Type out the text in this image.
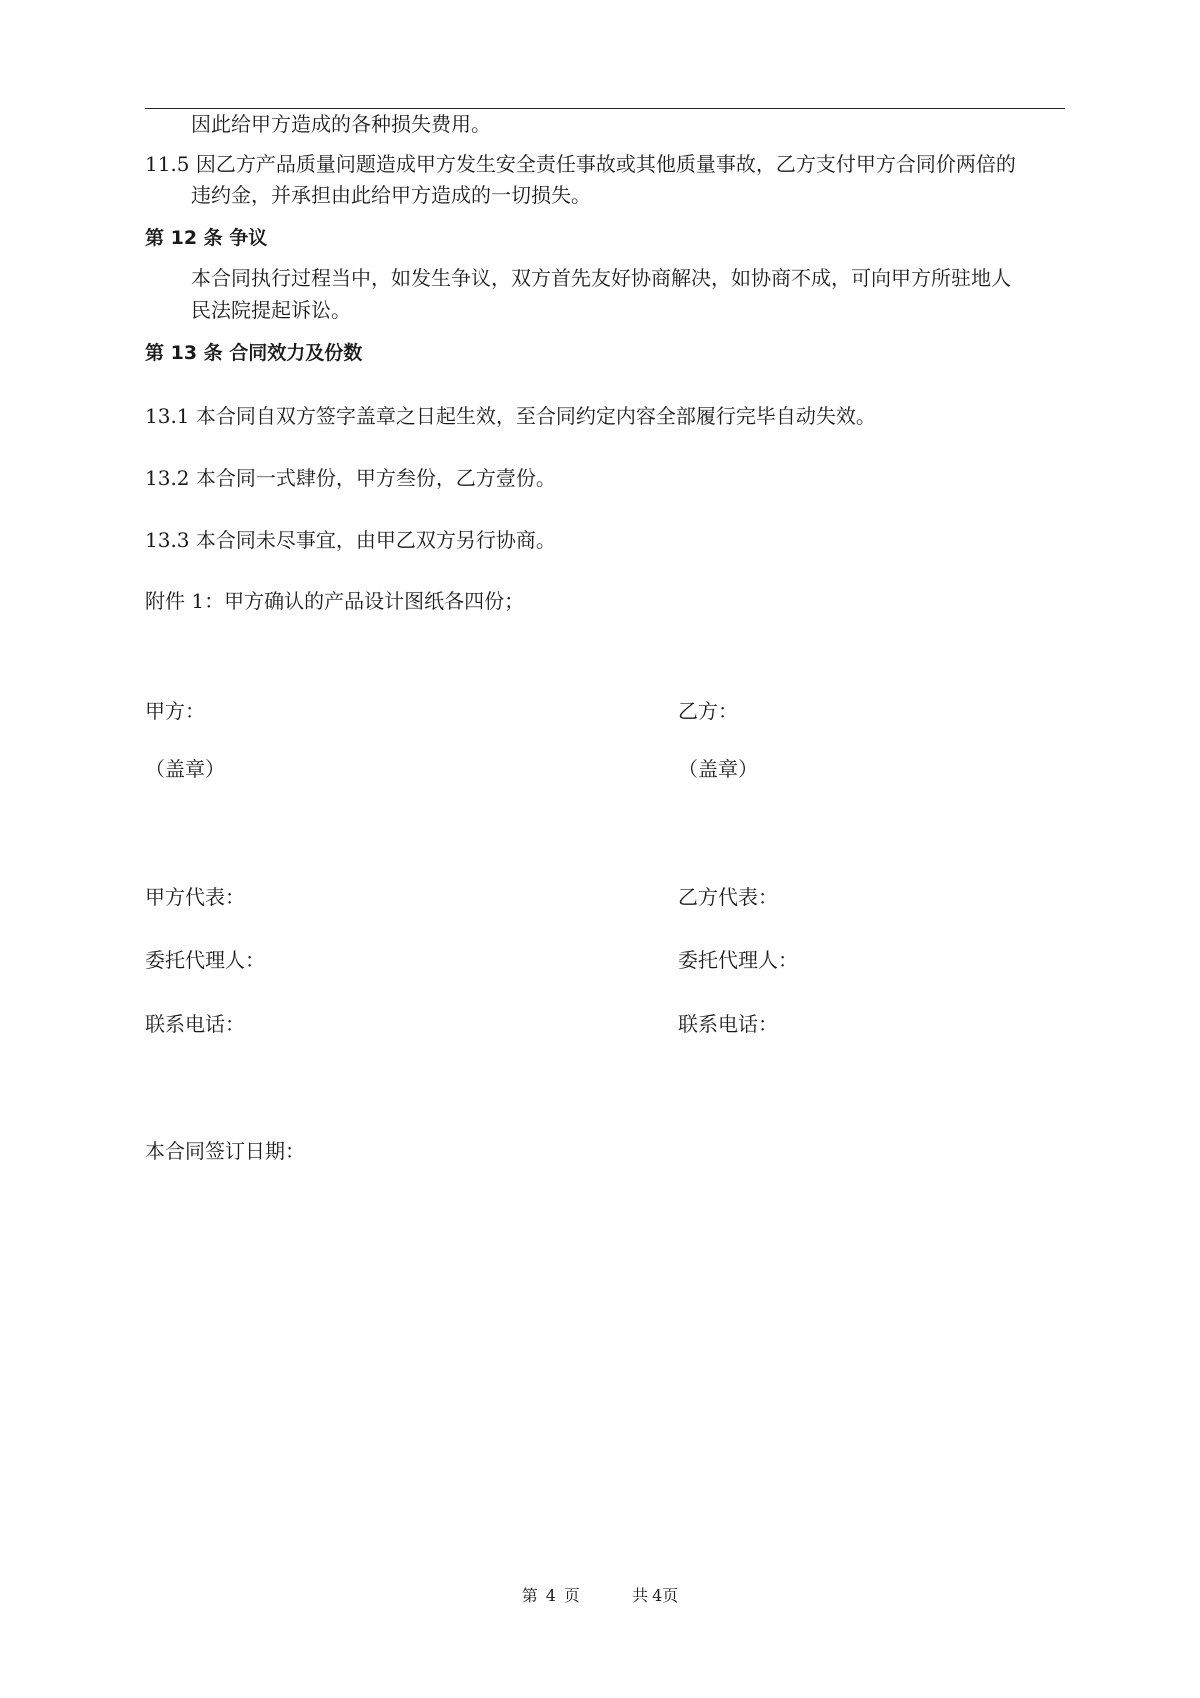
因此给甲方造成的各种损失费用。
11.5 因乙方产品质量问题造成甲方发生安全责任事故或其他质量事故，乙方支付甲方合同价两倍的
违约金，并承担由此给甲方造成的一切损失。
第 12 条 争议
本合同执行过程当中，如发生争议，双方首先友好协商解决，如协商不成，可向甲方所驻地人
民法院提起诉讼。
第 13 条 合同效力及份数
13.1 本合同自双方签字盖章之日起生效，至合同约定内容全部履行完毕自动失效。
13.2 本合同一式肆份，甲方叁份，乙方壹份。
13.3 本合同未尽事宜，由甲乙双方另行协商。
附件 1：甲方确认的产品设计图纸各四份；
甲方：
（盖章）
甲方代表：
委托代理人：
联系电话：
乙方：
（盖章）
乙方代表：
委托代理人：
联系电话：
本合同签订日期：
第 4 页	共 4页
